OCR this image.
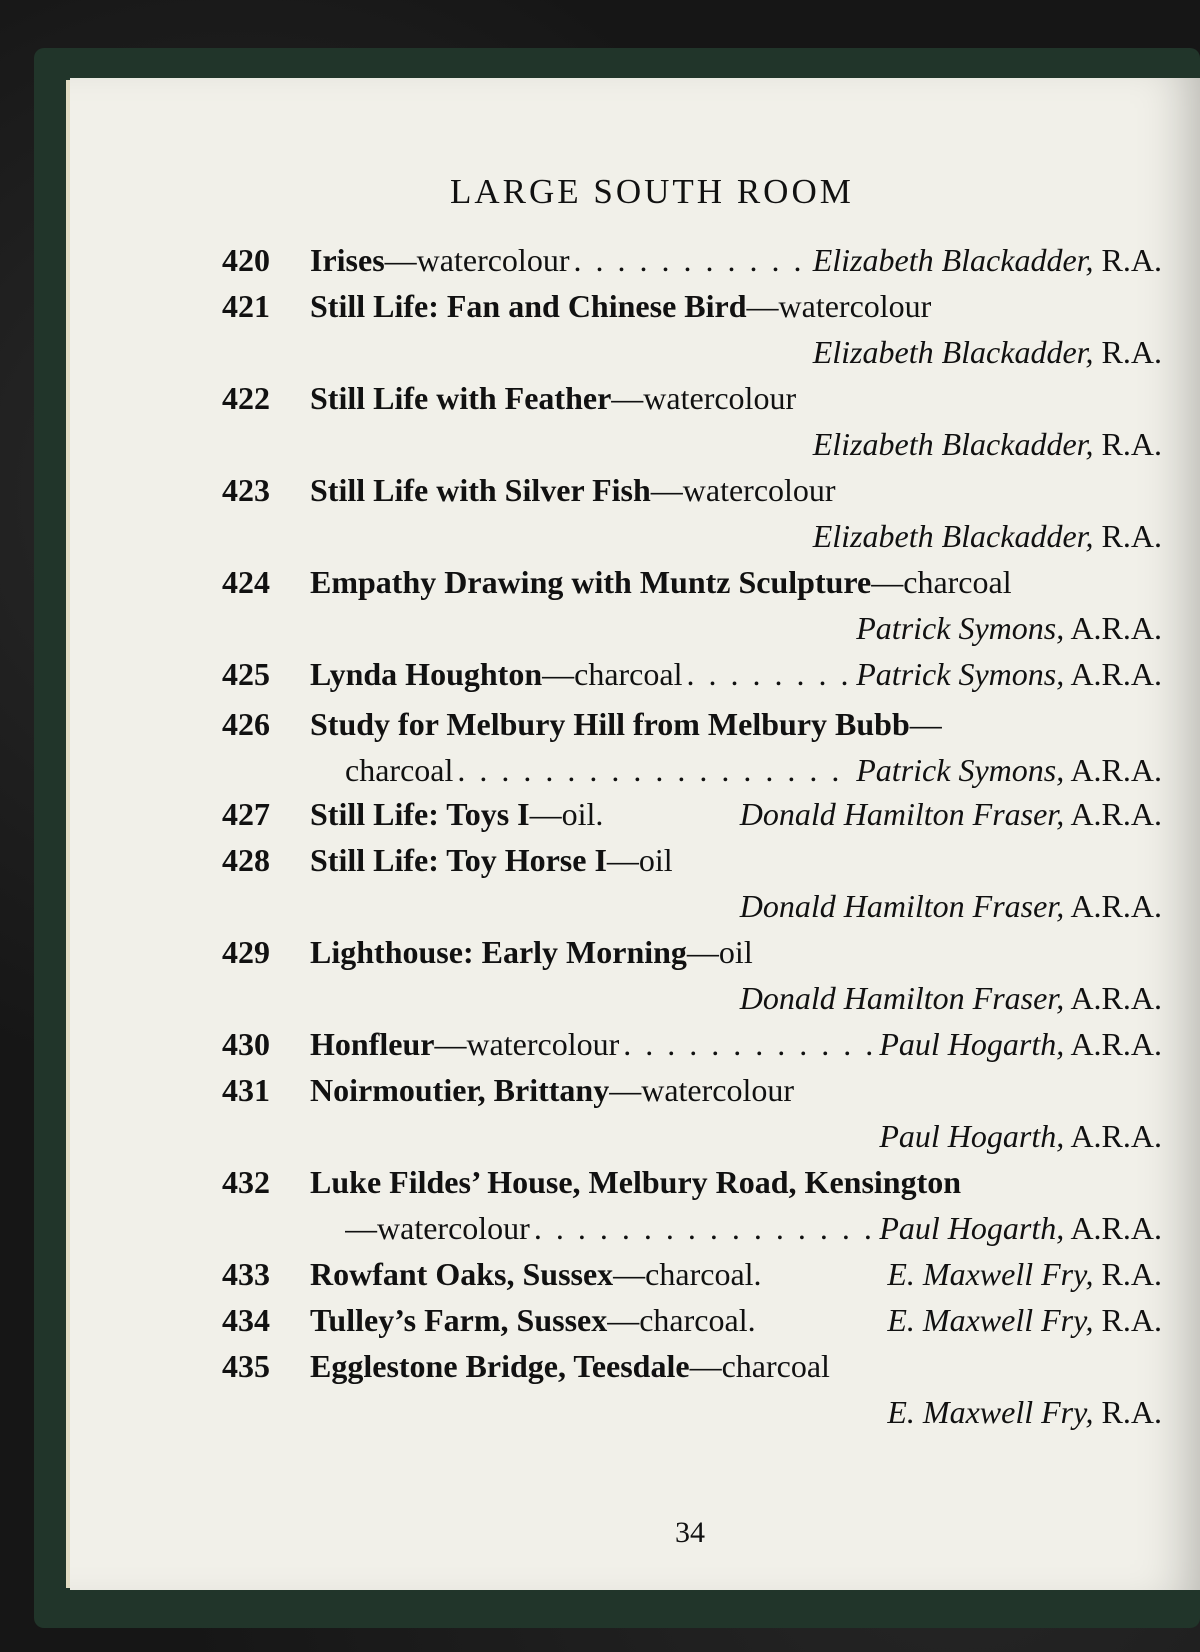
LARGE SOUTH ROOM
420 Irises —watercolour . . .	Elizabeth Blackadder, R.A.
421 Still Life: Fan and Chinese Bird —watercolour
Elizabeth Blackadder, R.A.
422 Still Life with Feather —watercolour
Elizabeth Blackadder, R.A.
423 Still Life with Silver Fish —watercolour
Elizabeth Blackadder, R.A.
424 Empathy Drawing with Muntz Sculpture —charcoal
Patrick Symons, A.R.A.
425 Lynda Houghton —charcoal . . .	Patrick Symons, A.R.A.
426 Study for Melbury Hill from Melbury Bubb —
charcoal . . .	Patrick Symons, A.R.A.
427 Still Life: Toys I —oil.	Donald Hamilton Fraser, A.R.A.
428 Still Life: Toy Horse I —oil
Donald Hamilton Fraser, A.R.A.
429 Lighthouse: Early Morning —oil
Donald Hamilton Fraser, A.R.A.
430 Honfleur —watercolour . . .	Paul Hogarth, A.R.A.
431 Noirmoutier, Brittany —watercolour
Paul Hogarth, A.R.A.
432 Luke Fildes’ House, Melbury Road, Kensington
—watercolour . . .	Paul Hogarth, A.R.A.
433 Rowfant Oaks, Sussex —charcoal.	E. Maxwell Fry, R.A.
434 Tulley’s Farm, Sussex —charcoal.	E. Maxwell Fry, R.A.
435 Egglestone Bridge, Teesdale —charcoal
E. Maxwell Fry, R.A.
34
